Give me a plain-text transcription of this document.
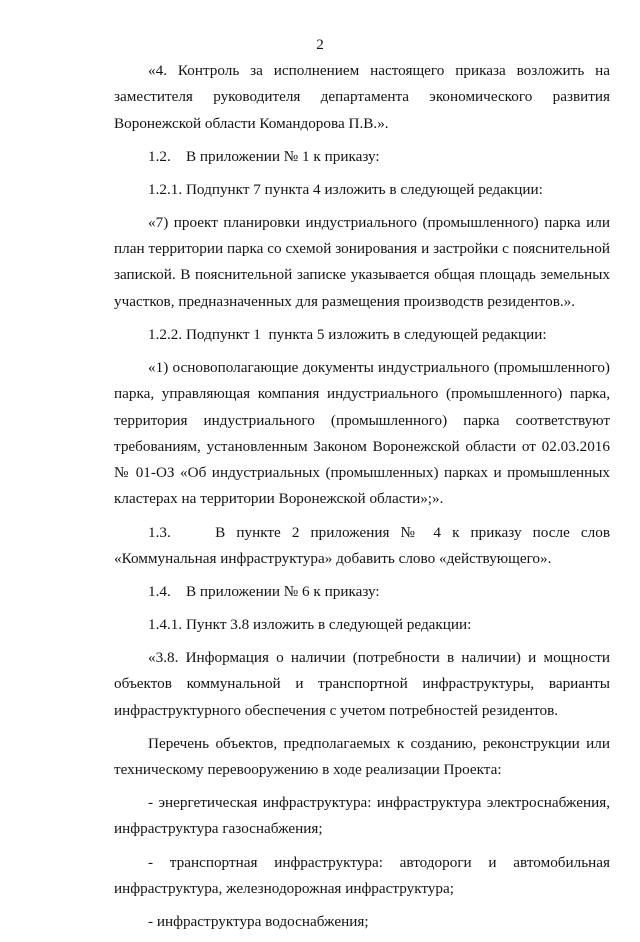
2

«4. Контроль за исполнением настоящего приказа возложить на заместителя руководителя департамента экономического развития Воронежской области Командорова П.В.».

1.2.    В приложении № 1 к приказу:

1.2.1. Подпункт 7 пункта 4 изложить в следующей редакции:

«7) проект планировки индустриального (промышленного) парка или план территории парка со схемой зонирования и застройки с пояснительной запиской. В пояснительной записке указывается общая площадь земельных участков, предназначенных для размещения производств резидентов.».

1.2.2. Подпункт 1  пункта 5 изложить в следующей редакции:

«1) основополагающие документы индустриального (промышленного) парка, управляющая компания индустриального (промышленного) парка, территория индустриального (промышленного) парка соответствуют требованиям, установленным Законом Воронежской области от 02.03.2016 № 01-ОЗ «Об индустриальных (промышленных) парках и промышленных кластерах на территории Воронежской области»;».

1.3.    В пункте 2 приложения № 4 к приказу после слов «Коммунальная инфраструктура» добавить слово «действующего».

1.4.    В приложении № 6 к приказу:

1.4.1. Пункт 3.8 изложить в следующей редакции:

«3.8. Информация о наличии (потребности в наличии) и мощности объектов коммунальной и транспортной инфраструктуры, варианты инфраструктурного обеспечения с учетом потребностей резидентов.

Перечень объектов, предполагаемых к созданию, реконструкции или техническому перевооружению в ходе реализации Проекта:

- энергетическая инфраструктура: инфраструктура электроснабжения, инфраструктура газоснабжения;

- транспортная инфраструктура: автодороги и автомобильная инфраструктура, железнодорожная инфраструктура;

- инфраструктура водоснабжения;
